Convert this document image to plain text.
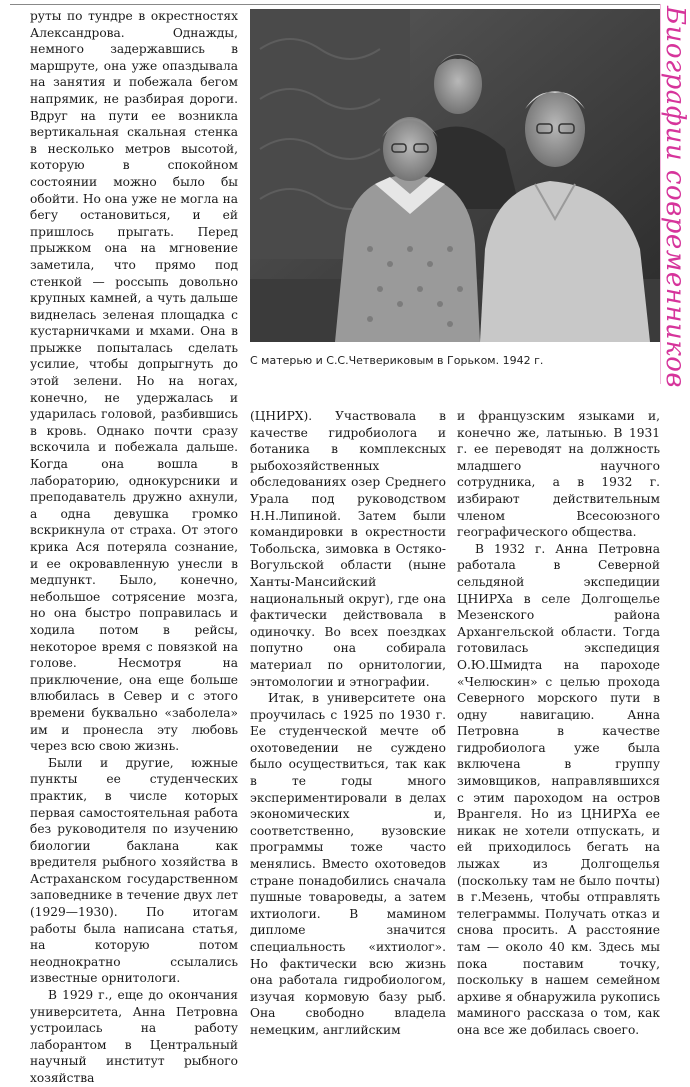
руты по тундре в окрестностях Александрова. Однажды, немного задержавшись в маршруте, она уже опаздывала на занятия и побежала бегом напрямик, не разбирая дороги. Вдруг на пути ее возникла вертикальная скальная стенка в несколько метров высотой, которую в спокойном состоянии можно было бы обойти. Но она уже не могла на бегу остановиться, и ей пришлось прыгать. Перед прыжком она на мгновение заметила, что прямо под стенкой — россыпь довольно крупных камней, а чуть дальше виднелась зеленая площадка с кустарничками и мхами. Она в прыжке попыталась сделать усилие, чтобы допрыгнуть до этой зелени. Но на ногах, конечно, не удержалась и ударилась головой, разбившись в кровь. Однако почти сразу вскочила и побежала дальше. Когда она вошла в лабораторию, однокурсники и преподаватель дружно ахнули, а одна девушка громко вскрикнула от страха. От этого крика Ася потеряла сознание, и ее окровавленную унесли в медпункт. Было, конечно, небольшое сотрясение мозга, но она быстро поправилась и ходила потом в рейсы, некоторое время с повязкой на голове. Несмотря на приключение, она еще больше влюбилась в Север и с этого времени буквально «заболела» им и пронесла эту любовь через всю свою жизнь.

Были и другие, южные пункты ее студенческих практик, в числе которых первая самостоятельная работа без руководителя по изучению биологии баклана как вредителя рыбного хозяйства в Астраханском государственном заповеднике в течение двух лет (1929—1930). По итогам работы была написана статья, на которую потом неоднократно ссылались известные орнитологи.

В 1929 г., еще до окончания университета, Анна Петровна устроилась на работу лаборантом в Центральный научный институт рыбного хозяйства

С матерью и С.С.Четвериковым в Горьком. 1942 г.

(ЦНИРХ). Участвовала в качестве гидробиолога и ботаника в комплексных рыбохозяйственных обследованиях озер Среднего Урала под руководством Н.Н.Липиной. Затем были командировки в окрестности Тобольска, зимовка в Остяко-Вогульской области (ныне Ханты-Мансийский национальный округ), где она фактически действовала в одиночку. Во всех поездках попутно она собирала материал по орнитологии, энтомологии и этнографии.

Итак, в университете она проучилась с 1925 по 1930 г. Ее студенческой мечте об охотоведении не суждено было осуществиться, так как в те годы много экспериментировали в делах экономических и, соответственно, вузовские программы тоже часто менялись. Вместо охотоведов стране понадобились сначала пушные товароведы, а затем ихтиологи. В мамином дипломе значится специальность «ихтиолог». Но фактически всю жизнь она работала гидробиологом, изучая кормовую базу рыб. Она свободно владела немецким, английским

и французским языками и, конечно же, латынью. В 1931 г. ее переводят на должность младшего научного сотрудника, а в 1932 г. избирают действительным членом Всесоюзного географического общества.

В 1932 г. Анна Петровна работала в Северной сельдяной экспедиции ЦНИРХа в селе Долгощелье Мезенского района Архангельской области. Тогда готовилась экспедиция О.Ю.Шмидта на пароходе «Челюскин» с целью прохода Северного морского пути в одну навигацию. Анна Петровна в качестве гидробиолога уже была включена в группу зимовщиков, направлявшихся с этим пароходом на остров Врангеля. Но из ЦНИРХа ее никак не хотели отпускать, и ей приходилось бегать на лыжах из Долгощелья (поскольку там не было почты) в г.Мезень, чтобы отправлять телеграммы. Получать отказ и снова просить. А расстояние там — около 40 км. Здесь мы пока поставим точку, поскольку в нашем семейном архиве я обнаружила рукопись маминого рассказа о том, как она все же добилась своего.

Биографии современников
